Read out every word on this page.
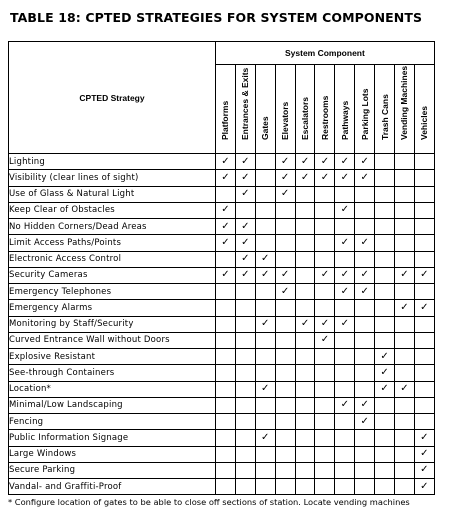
TABLE 18: CPTED STRATEGIES FOR SYSTEM COMPONENTS
CPTED Strategy	System Component										

	Platforms	Entrances & Exits	Gates	Elevators	Escalators	Restrooms	Pathways	Parking Lots	Trash Cans	Vending Machines	Vehicles

Lighting	✓	✓		✓	✓	✓	✓	✓			
Visibility (clear lines of sight)	✓	✓		✓	✓	✓	✓	✓			
Use of Glass & Natural Light		✓		✓							
Keep Clear of Obstacles	✓						✓				
No Hidden Corners/Dead Areas	✓	✓									
Limit Access Paths/Points	✓	✓					✓	✓			
Electronic Access Control		✓	✓								
Security Cameras	✓	✓	✓	✓		✓	✓	✓		✓	✓
Emergency Telephones				✓			✓	✓			
Emergency Alarms										✓	✓
Monitoring by Staff/Security			✓		✓	✓	✓				
Curved Entrance Wall without Doors						✓					
Explosive Resistant									✓		
See-through Containers									✓		
Location*			✓						✓	✓	
Minimal/Low Landscaping							✓	✓			
Fencing								✓			
Public Information Signage			✓								✓
Large Windows											✓
Secure Parking											✓
Vandal- and Graffiti-Proof											✓

* Configure location of gates to be able to close off sections of station. Locate vending machines
